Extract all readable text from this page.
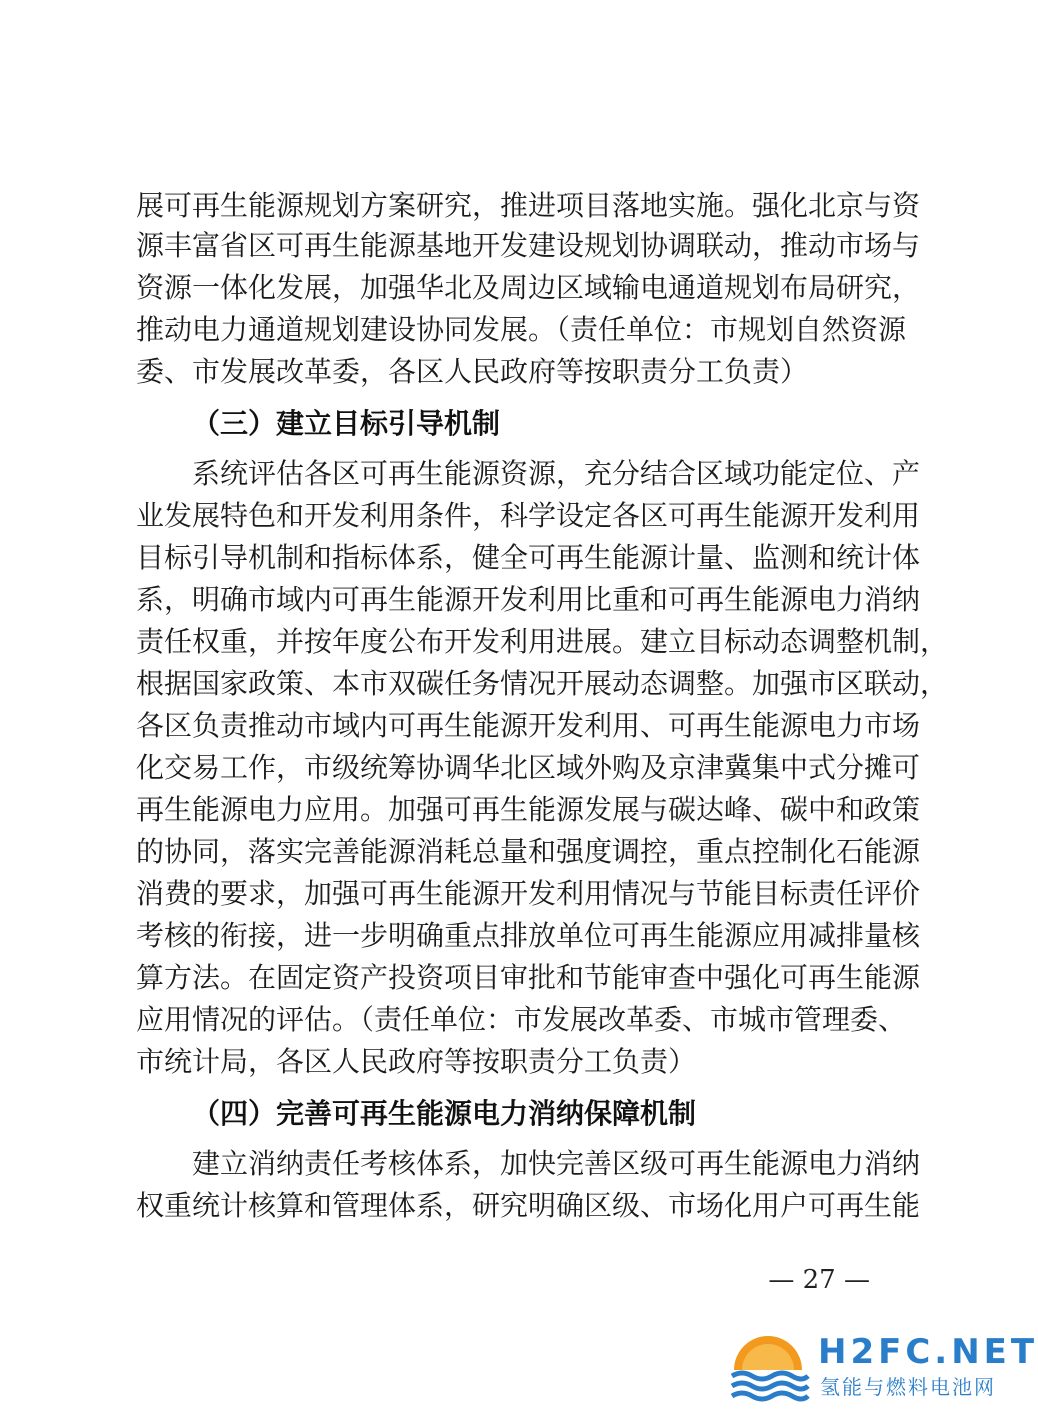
展可再生能源规划方案研究，推进项目落地实施。强化北京与资
源丰富省区可再生能源基地开发建设规划协调联动，推动市场与
资源一体化发展，加强华北及周边区域输电通道规划布局研究，
推动电力通道规划建设协同发展。（责任单位：市规划自然资源
委、市发展改革委，各区人民政府等按职责分工负责）
（三）建立目标引导机制
系统评估各区可再生能源资源，充分结合区域功能定位、产
业发展特色和开发利用条件，科学设定各区可再生能源开发利用
目标引导机制和指标体系，健全可再生能源计量、监测和统计体
系，明确市域内可再生能源开发利用比重和可再生能源电力消纳
责任权重，并按年度公布开发利用进展。建立目标动态调整机制，
根据国家政策、本市双碳任务情况开展动态调整。加强市区联动，
各区负责推动市域内可再生能源开发利用、可再生能源电力市场
化交易工作，市级统筹协调华北区域外购及京津冀集中式分摊可
再生能源电力应用。加强可再生能源发展与碳达峰、碳中和政策
的协同，落实完善能源消耗总量和强度调控，重点控制化石能源
消费的要求，加强可再生能源开发利用情况与节能目标责任评价
考核的衔接，进一步明确重点排放单位可再生能源应用减排量核
算方法。在固定资产投资项目审批和节能审查中强化可再生能源
应用情况的评估。（责任单位：市发展改革委、市城市管理委、
市统计局，各区人民政府等按职责分工负责）
（四）完善可再生能源电力消纳保障机制
建立消纳责任考核体系，加快完善区级可再生能源电力消纳
权重统计核算和管理体系，研究明确区级、市场化用户可再生能
— 27 —
H2FC.NET
氢能与燃料电池网
